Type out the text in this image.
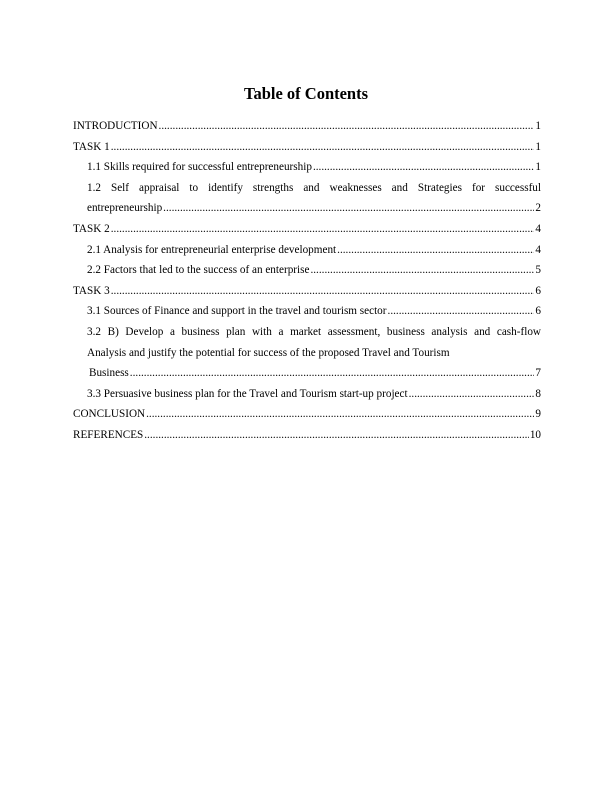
Table of Contents
INTRODUCTION .....	1
TASK 1 .....	1
1.1 Skills required for successful entrepreneurship .....	1
1.2 Self appraisal to identify strengths and weaknesses and Strategies for successful
entrepreneurship .....	2
TASK 2 .....	4
2.1 Analysis for entrepreneurial enterprise development .....	4
2.2 Factors that led to the success of an enterprise .....	5
TASK 3 .....	6
3.1 Sources of Finance and support in the travel and tourism sector .....	6
3.2 B) Develop a business plan with a market assessment, business analysis and cash-flow
Analysis and justify the potential for success of the proposed Travel and Tourism
Business .....	7
3.3 Persuasive business plan for the Travel and Tourism start-up project .....	8
CONCLUSION .....	9
REFERENCES .....	10
